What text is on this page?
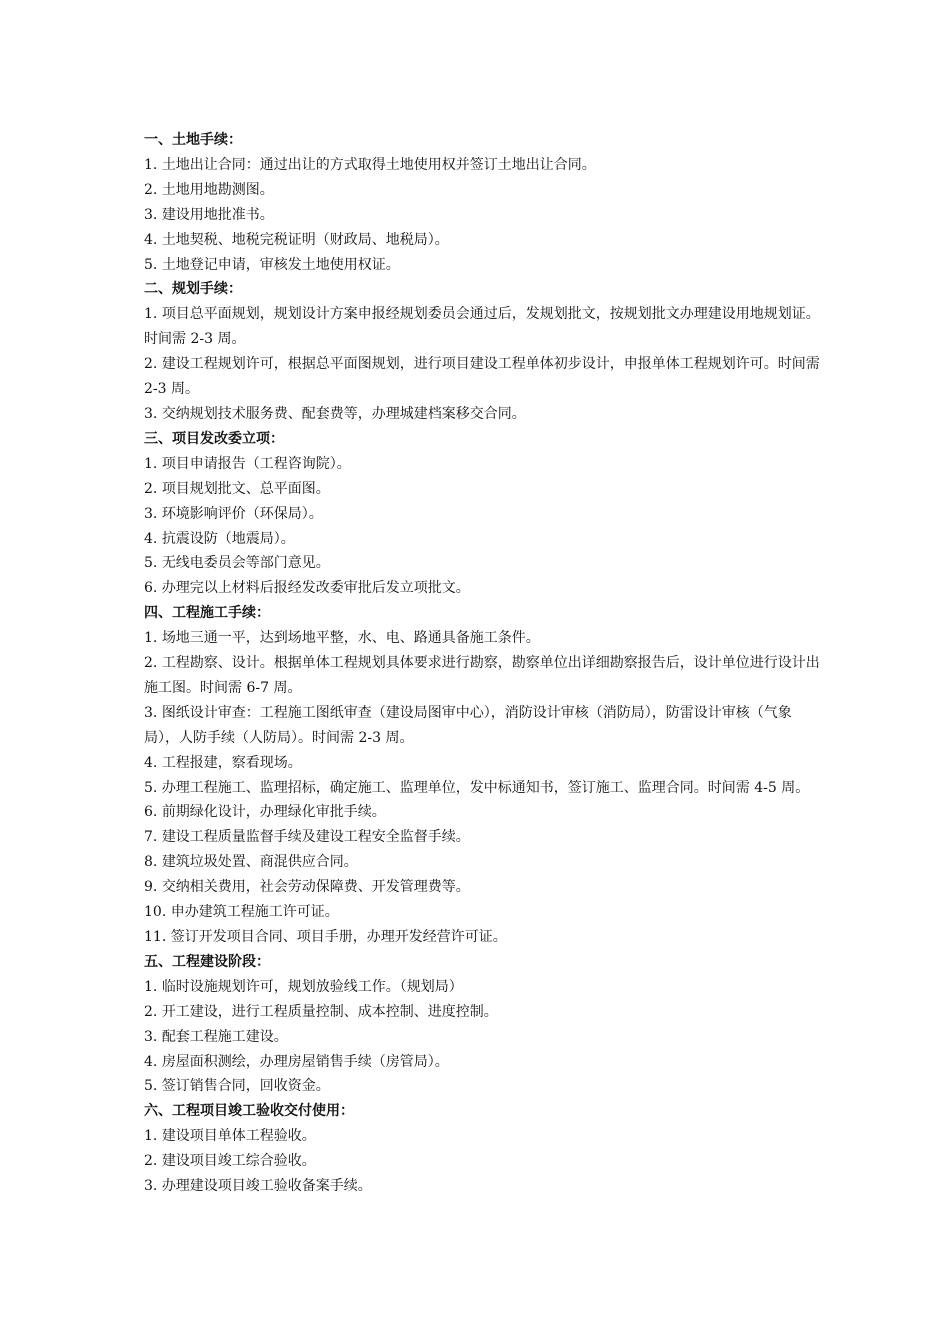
一、土地手续：

1. 土地出让合同：通过出让的方式取得土地使用权并签订土地出让合同。

2. 土地用地勘测图。

3. 建设用地批准书。

4. 土地契税、地税完税证明（财政局、地税局）。

5. 土地登记申请，审核发土地使用权证。

二、规划手续：

1. 项目总平面规划，规划设计方案申报经规划委员会通过后，发规划批文，按规划批文办理建设用地规划证。时间需 2-3 周。

2. 建设工程规划许可，根据总平面图规划，进行项目建设工程单体初步设计，申报单体工程规划许可。时间需 2-3 周。

3. 交纳规划技术服务费、配套费等，办理城建档案移交合同。

三、项目发改委立项：

1. 项目申请报告（工程咨询院）。

2. 项目规划批文、总平面图。

3. 环境影响评价（环保局）。

4. 抗震设防（地震局）。

5. 无线电委员会等部门意见。

6. 办理完以上材料后报经发改委审批后发立项批文。

四、工程施工手续：

1. 场地三通一平，达到场地平整，水、电、路通具备施工条件。

2. 工程勘察、设计。根据单体工程规划具体要求进行勘察，勘察单位出详细勘察报告后，设计单位进行设计出施工图。时间需 6-7 周。

3. 图纸设计审查：工程施工图纸审查（建设局图审中心），消防设计审核（消防局），防雷设计审核（气象局），人防手续（人防局）。时间需 2-3 周。

4. 工程报建，察看现场。

5. 办理工程施工、监理招标，确定施工、监理单位，发中标通知书，签订施工、监理合同。时间需 4-5 周。

6. 前期绿化设计，办理绿化审批手续。

7. 建设工程质量监督手续及建设工程安全监督手续。

8. 建筑垃圾处置、商混供应合同。

9. 交纳相关费用，社会劳动保障费、开发管理费等。

10. 申办建筑工程施工许可证。

11. 签订开发项目合同、项目手册，办理开发经营许可证。

五、工程建设阶段：

1. 临时设施规划许可，规划放验线工作。（规划局）

2. 开工建设，进行工程质量控制、成本控制、进度控制。

3. 配套工程施工建设。

4. 房屋面积测绘，办理房屋销售手续（房管局）。

5. 签订销售合同，回收资金。

六、工程项目竣工验收交付使用：

1. 建设项目单体工程验收。

2. 建设项目竣工综合验收。

3. 办理建设项目竣工验收备案手续。
